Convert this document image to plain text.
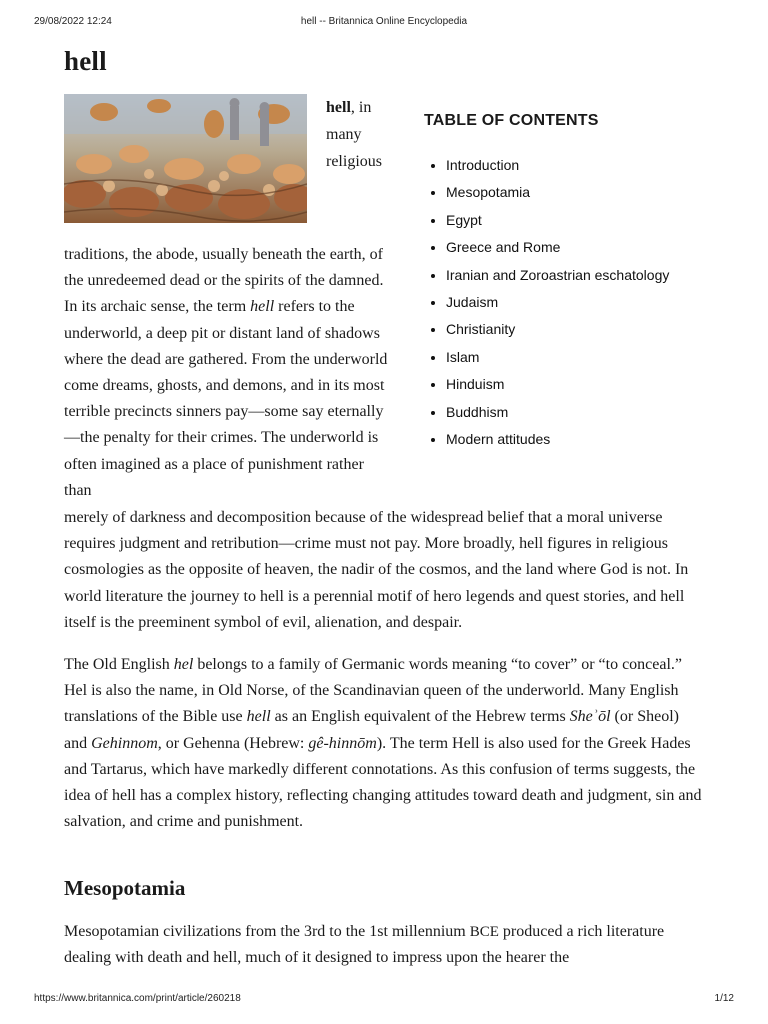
29/08/2022 12:24	hell -- Britannica Online Encyclopedia
hell
hell, in many religious
TABLE OF CONTENTS
• Introduction
• Mesopotamia
• Egypt
• Greece and Rome
• Iranian and Zoroastrian eschatology
• Judaism
• Christianity
• Islam
• Hinduism
• Buddhism
• Modern attitudes

traditions, the abode, usually beneath the earth, of the unredeemed dead or the spirits of the damned. In its archaic sense, the term hell refers to the underworld, a deep pit or distant land of shadows where the dead are gathered. From the underworld come dreams, ghosts, and demons, and in its most terrible precincts sinners pay—some say eternally—the penalty for their crimes. The underworld is often imagined as a place of punishment rather than

merely of darkness and decomposition because of the widespread belief that a moral universe requires judgment and retribution—crime must not pay. More broadly, hell figures in religious cosmologies as the opposite of heaven, the nadir of the cosmos, and the land where God is not. In world literature the journey to hell is a perennial motif of hero legends and quest stories, and hell itself is the preeminent symbol of evil, alienation, and despair.

The Old English hel belongs to a family of Germanic words meaning “to cover” or “to conceal.” Hel is also the name, in Old Norse, of the Scandinavian queen of the underworld. Many English translations of the Bible use hell as an English equivalent of the Hebrew terms Sheʾōl (or Sheol) and Gehinnom, or Gehenna (Hebrew: gê-hinnōm). The term Hell is also used for the Greek Hades and Tartarus, which have markedly different connotations. As this confusion of terms suggests, the idea of hell has a complex history, reflecting changing attitudes toward death and judgment, sin and salvation, and crime and punishment.

Mesopotamia

Mesopotamian civilizations from the 3rd to the 1st millennium BCE produced a rich literature dealing with death and hell, much of it designed to impress upon the hearer the

https://www.britannica.com/print/article/260218	1/12
